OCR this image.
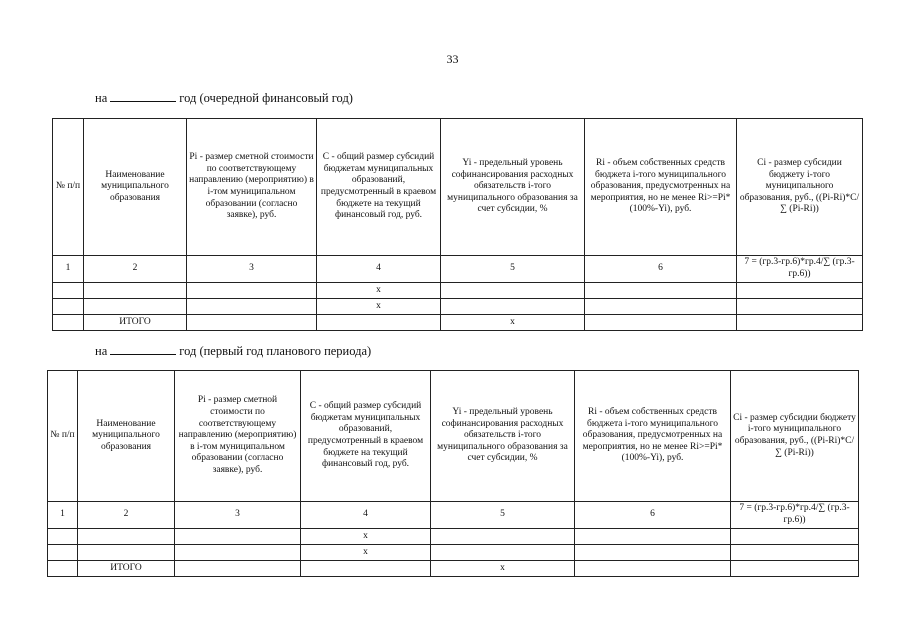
33
на	год (очередной финансовый год)
№ п/п	Наименование муниципального образования	Pi - размер сметной стоимости по соответствующему направлению (мероприятию) в i-том муниципальном образовании (согласно заявке), руб.	С - общий размер субсидий бюджетам муниципальных образований, предусмотренный в краевом бюджете на текущий финансовый год, руб.	Yi - предельный уровень софинансирования расходных обязательств i-того муниципального образования за счет субсидии, %	Ri - объем собственных средств бюджета i-того муниципального образования, предусмотренных на мероприятия, но не менее Ri>=Pi*(100%-Yi), руб.	Ci - размер субсидии бюджету i-того муниципального образования, руб., ((Pi-Ri)*C/∑ (Pi-Ri))
1	2	3	4	5	6	7 = (гр.3-гр.6)*гр.4/∑ (гр.3-гр.6))
			х			
			х			
	ИТОГО			х		
на	год (первый год планового периода)
№ п/п	Наименование муниципального образования	Pi - размер сметной стоимости по соответствующему направлению (мероприятию) в i-том муниципальном образовании (согласно заявке), руб.	С - общий размер субсидий бюджетам муниципальных образований, предусмотренный в краевом бюджете на текущий финансовый год, руб.	Yi - предельный уровень софинансирования расходных обязательств i-того муниципального образования за счет субсидии, %	Ri - объем собственных средств бюджета i-того муниципального образования, предусмотренных на мероприятия, но не менее Ri>=Pi*(100%-Yi), руб.	Ci - размер субсидии бюджету i-того муниципального образования, руб., ((Pi-Ri)*C/∑ (Pi-Ri))
1	2	3	4	5	6	7 = (гр.3-гр.6)*гр.4/∑ (гр.3-гр.6))
			х			
			х			
	ИТОГО			х		
